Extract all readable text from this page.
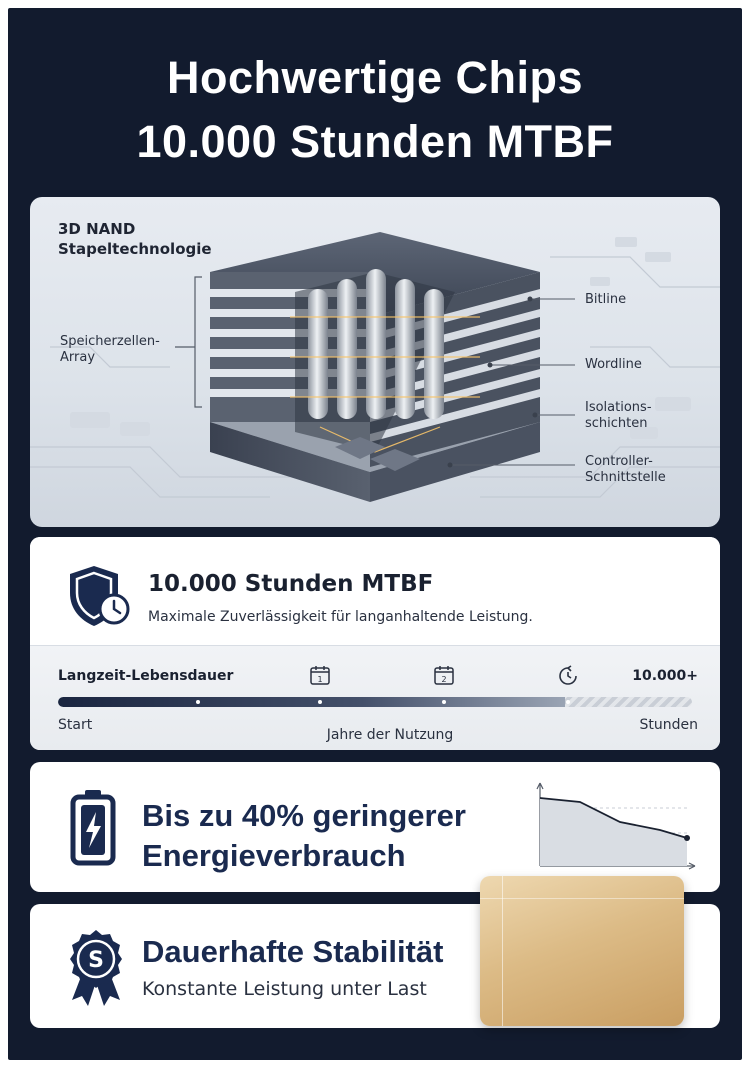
Hochwertige Chips
10.000 Stunden MTBF
3D NAND
Stapeltechnologie
Speicherzellen-
Array
Bitline
Wordline
Isolations-
schichten
Controller-
Schnittstelle
10.000 Stunden MTBF
Maximale Zuverlässigkeit für langanhaltende Leistung.
Langzeit-Lebensdauer	1	2	10.000+
Start
Jahre der Nutzung
Stunden
Bis zu 40% geringerer
Energieverbrauch
S Dauerhafte Stabilität
Konstante Leistung unter Last
